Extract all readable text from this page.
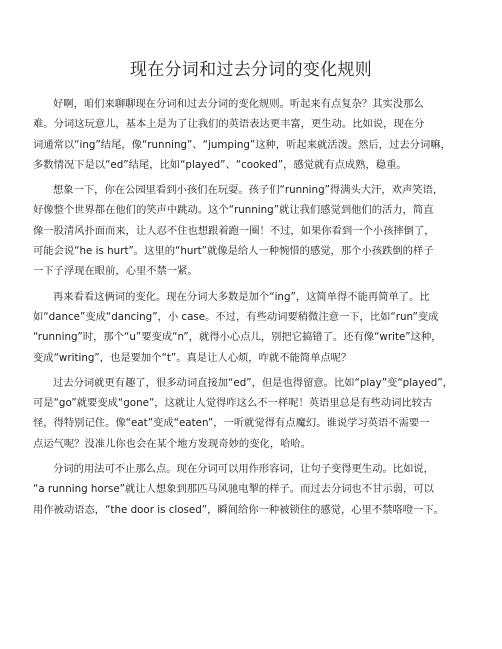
现在分词和过去分词的变化规则
好啊，咱们来聊聊现在分词和过去分词的变化规则。听起来有点复杂？其实没那么
难。分词这玩意儿，基本上是为了让我们的英语表达更丰富，更生动。比如说，现在分
词通常以“ing”结尾，像“running”、“jumping”这种，听起来就活泼。然后，过去分词嘛，
多数情况下是以“ed”结尾，比如“played”、“cooked”，感觉就有点成熟，稳重。
想象一下，你在公园里看到小孩们在玩耍。孩子们“running”得满头大汗，欢声笑语，
好像整个世界都在他们的笑声中跳动。这个“running”就让我们感觉到他们的活力，简直
像一股清风扑面而来，让人忍不住也想跟着跑一圈！不过，如果你看到一个小孩摔倒了，
可能会说“he is hurt”。这里的“hurt”就像是给人一种惋惜的感觉，那个小孩跌倒的样子
一下子浮现在眼前，心里不禁一紧。
再来看看这俩词的变化。现在分词大多数是加个“ing”，这简单得不能再简单了。比
如“dance”变成“dancing”，小 case。不过，有些动词要稍微注意一下，比如“run”变成
“running”时，那个“u”要变成“n”，就得小心点儿，别把它搞错了。还有像“write”这种，
变成“writing”，也是要加个“t”。真是让人心烦，咋就不能简单点呢？
过去分词就更有趣了，很多动词直接加“ed”，但是也得留意。比如“play”变“played”，
可是“go”就要变成“gone”，这就让人觉得咋这么不一样呢！英语里总是有些动词比较古
怪，得特别记住。像“eat”变成“eaten”，一听就觉得有点魔幻。谁说学习英语不需要一
点运气呢？没准儿你也会在某个地方发现奇妙的变化，哈哈。
分词的用法可不止那么点。现在分词可以用作形容词，让句子变得更生动。比如说，
“a running horse”就让人想象到那匹马风驰电掣的样子。而过去分词也不甘示弱，可以
用作被动语态，“the door is closed”，瞬间给你一种被锁住的感觉，心里不禁咯噔一下。
